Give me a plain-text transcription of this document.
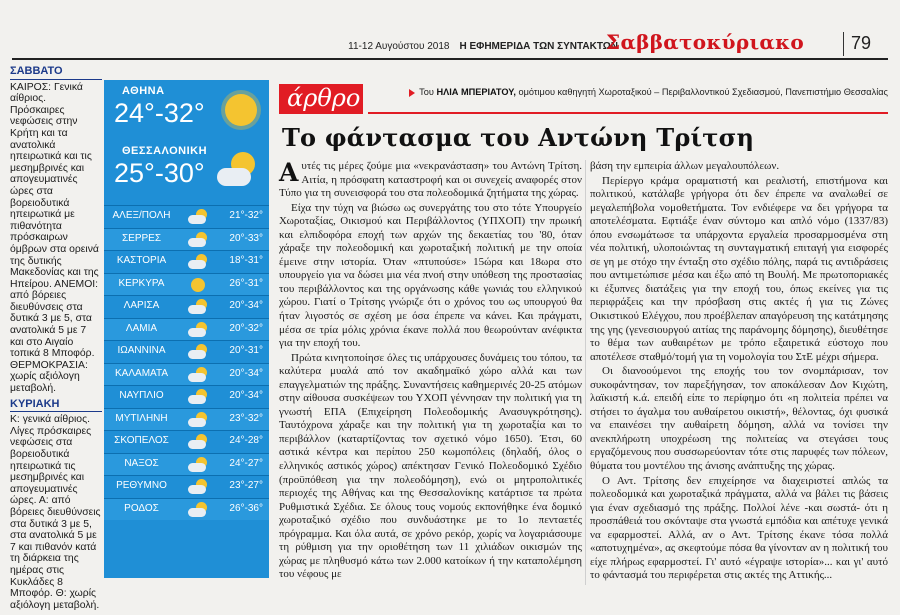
11-12 Αυγούστου 2018 Η ΕΦΗΜΕΡΙΔΑ ΤΩΝ ΣΥΝΤΑΚΤΩΝ
Σαββατοκύριακο	79
ΣΑΒΒΑΤΟ

ΚΑΙΡΟΣ: Γενικά αίθριος. Πρόσκαιρες νεφώσεις στην Κρήτη και τα ανατολικά ηπειρωτικά και τις μεσημβρινές και απογευματινές ώρες στα βορειοδυτικά ηπειρωτικά με πιθανότητα πρόσκαιρων όμβρων στα ορεινά της δυτικής Μακεδονίας και της Ηπείρου. ΑΝΕΜΟΙ: από βόρειες διευθύνσεις στα δυτικά 3 με 5, στα ανατολικά 5 με 7 και στο Αιγαίο τοπικά 8 Μποφόρ. ΘΕΡΜΟΚΡΑΣΙΑ: χωρίς αξιόλογη μεταβολή.

ΚΥΡΙΑΚΗ

Κ: γενικά αίθριος. Λίγες πρόσκαιρες νεφώσεις στα βορειοδυτικά ηπειρωτικά τις μεσημβρινές και απογευματινές ώρες. Α: από βόρειες διευθύνσεις στα δυτικά 3 με 5, στα ανατολικά 5 με 7 και πιθανόν κατά τη διάρκεια της ημέρας στις Κυκλάδες 8 Μποφόρ. Θ: χωρίς αξιόλογη μεταβολή.

ΑΘΗΝΑ
24°-32°
ΘΕΣΣΑΛΟΝΙΚΗ
25°-30°
ΑΛΕΞ/ΠΟΛΗ	21°-32°
ΣΕΡΡΕΣ	20°-33°
ΚΑΣΤΟΡΙΑ	18°-31°
ΚΕΡΚΥΡΑ	26°-31°
ΛΑΡΙΣΑ	20°-34°
ΛΑΜΙΑ	20°-32°
ΙΩΑΝΝΙΝΑ	20°-31°
ΚΑΛΑΜΑΤΑ	20°-34°
ΝΑΥΠΛΙΟ	20°-34°
ΜΥΤΙΛΗΝΗ	23°-32°
ΣΚΟΠΕΛΟΣ	24°-28°
ΝΑΞΟΣ	24°-27°
ΡΕΘΥΜΝΟ	23°-27°
ΡΟΔΟΣ	26°-36°
άρθρο	Του ΗΛΙΑ ΜΠΕΡΙΑΤΟΥ, ομότιμου καθηγητή Χωροταξικού – Περιβαλλοντικού Σχεδιασμού, Πανεπιστήμιο Θεσσαλίας
Το φάντασμα του Αντώνη Τρίτση

Αυτές τις μέρες ζούμε μια «νεκρανάσταση» του Αντώνη Τρίτση. Αιτία, η πρόσφατη καταστροφή και οι συνεχείς αναφορές στον Τύπο για τη συνεισφορά του στα πολεοδομικά ζητήματα της χώρας.

Είχα την τύχη να βιώσω ως συνεργάτης του στο τότε Υπουργείο Χωροταξίας, Οικισμού και Περιβάλλοντος (ΥΠΧΟΠ) την πρωική και ελπιδοφόρα εποχή των αρχών της δεκαετίας του '80, όταν χάραξε την πολεοδομική και χωροταξική πολιτική με την οποία έμεινε στην ιστορία. Όταν «πτυπούσε» 15ώρα και 18ωρα στο υπουργείο για να δώσει μια νέα πνοή στην υπόθεση της προστασίας του περιβάλλοντος και της οργάνωσης κάθε γωνιάς του ελληνικού χώρου. Γιατί ο Τρίτσης γνώριζε ότι ο χρόνος του ως υπουργού θα ήταν λιγοστός σε σχέση με όσα έπρεπε να κάνει. Και πράγματι, μέσα σε τρία μόλις χρόνια έκανε πολλά που θεωρούνταν ανέφικτα για την εποχή του.

Πρώτα κινητοποίησε όλες τις υπάρχουσες δυνάμεις του τόπου, τα καλύτερα μυαλά από τον ακαδημαϊκό χώρο αλλά και των επαγγελματιών της πράξης. Συναντήσεις καθημερινές 20-25 ατόμων στην αίθουσα συσκέψεων του ΥΧΟΠ γέννησαν την πολιτική για τη γνωστή ΕΠΑ (Επιχείρηση Πολεοδομικής Ανασυγκρότησης). Ταυτόχρονα χάραξε και την πολιτική για τη χωροταξία και το περιβάλλον (καταρτίζοντας τον σχετικό νόμο 1650). Έτσι, 60 αστικά κέντρα και περίπου 250 κωμοπόλεις (δηλαδή, όλος ο ελληνικός αστικός χώρος) απέκτησαν Γενικό Πολεοδομικό Σχέδιο (προϋπόθεση για την πολεοδόμηση), ενώ οι μητροπολιτικές περιοχές της Αθήνας και της Θεσσαλονίκης κατάρτισε τα πρώτα Ρυθμιστικά Σχέδια. Σε όλους τους νομούς εκπονήθηκε ένα δομικό χωροταξικό σχέδιο που συνδυάστηκε με το 1ο πενταετές πρόγραμμα. Και όλα αυτά, σε χρόνο ρεκόρ, χωρίς να λογαριάσουμε τη ρύθμιση για την οριοθέτηση των 11 χιλιάδων οικισμών της χώρας με πληθυσμό κάτω των 2.000 κατοίκων ή την καταπολέμηση του νέφους με

βάση την εμπειρία άλλων μεγαλουπόλεων.

Περίεργο κράμα οραματιστή και ρεαλιστή, επιστήμονα και πολιτικού, κατάλαβε γρήγορα ότι δεν έπρεπε να αναλωθεί σε μεγαλεπήβολα νομοθετήματα. Τον ενδιέφερε να δει γρήγορα τα αποτελέσματα. Εφτιάξε έναν σύντομο και απλό νόμο (1337/83) όπου ενσωμάτωσε τα υπάρχοντα εργαλεία προσαρμοσμένα στη νέα πολιτική, υλοποιώντας τη συνταγματική επιταγή για εισφορές σε γη με στόχο την ένταξη στο σχέδιο πόλης, παρά τις αντιδράσεις που αντιμετώπισε μέσα και έξω από τη Βουλή. Με πρωτοποριακές κι έξυπνες διατάξεις για την εποχή του, όπως εκείνες για τις περιφράξεις και την πρόσβαση στις ακτές ή για τις Ζώνες Οικιστικού Ελέγχου, που προέβλεπαν απαγόρευση της κατάτμησης της γης (γενεσιουργού αιτίας της παράνομης δόμησης), διευθέτησε το θέμα των αυθαιρέτων με τρόπο εξαιρετικά εύστοχο που αποτέλεσε σταθμό/τομή για τη νομολογία του ΣτΕ μέχρι σήμερα.

Οι διανοούμενοι της εποχής του τον σνομπάρισαν, τον συκοφάντησαν, τον παρεξήγησαν, τον αποκάλεσαν Δον Κιχώτη, λαϊκιστή κ.ά. επειδή είπε το περίφημο ότι «η πολιτεία πρέπει να στήσει το άγαλμα του αυθαίρετου οικιστή», θέλοντας, όχι φυσικά να επαινέσει την αυθαίρετη δόμηση, αλλά να τονίσει την ανεκπλήρωτη υποχρέωση της πολιτείας να στεγάσει τους εργαζόμενους που συσσωρεύονταν τότε στις παρυφές των πόλεων, θύματα του μοντέλου της άνισης ανάπτυξης της χώρας.

Ο Αντ. Τρίτσης δεν επιχείρησε να διαχειριστεί απλώς τα πολεοδομικά και χωροταξικά πράγματα, αλλά να βάλει τις βάσεις για έναν σχεδιασμό της πράξης. Πολλοί λένε -και σωστά- ότι η προσπάθειά του σκόνταψε στα γνωστά εμπόδια και απέτυχε γενικά να εφαρμοστεί. Αλλά, αν ο Αντ. Τρίτσης έκανε τόσα πολλά «αποτυχημένα», ας σκεφτούμε πόσα θα γίνονταν αν η πολιτική του είχε πλήρως εφαρμοστεί. Γι' αυτό «έγραψε ιστορία»... και γι' αυτό το φάντασμά του περιφέρεται στις ακτές της Αττικής...
